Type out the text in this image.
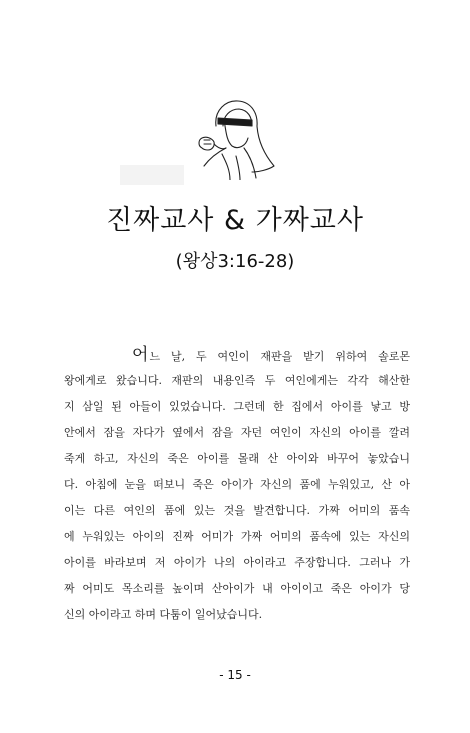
진짜교사 & 가짜교사
(왕상3:16-28)
어느 날, 두 여인이 재판을 받기 위하여 솔로몬
왕에게로 왔습니다. 재판의 내용인즉 두 여인에게는 각각 해산한
지 삼일 된 아들이 있었습니다. 그런데 한 집에서 아이를 낳고 방
안에서 잠을 자다가 옆에서 잠을 자던 여인이 자신의 아이를 깔려
죽게 하고, 자신의 죽은 아이를 몰래 산 아이와 바꾸어 놓았습니
다. 아침에 눈을 떠보니 죽은 아이가 자신의 품에 누워있고, 산 아
이는 다른 여인의 품에 있는 것을 발견합니다. 가짜 어미의 품속
에 누워있는 아이의 진짜 어미가 가짜 어미의 품속에 있는 자신의
아이를 바라보며 저 아이가 나의 아이라고 주장합니다. 그러나 가
짜 어미도 목소리를 높이며 산아이가 내 아이이고 죽은 아이가 당
신의 아이라고 하며 다툼이 일어났습니다.
- 15 -
